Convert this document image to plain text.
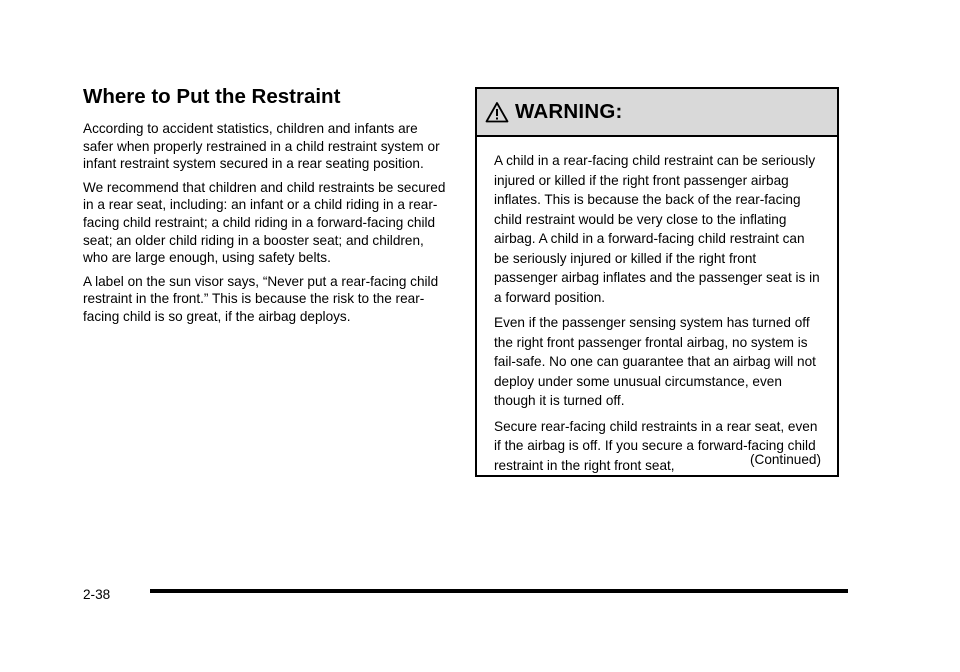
Where to Put the Restraint

According to accident statistics, children and infants are safer when properly restrained in a child restraint system or infant restraint system secured in a rear seating position.

We recommend that children and child restraints be secured in a rear seat, including: an infant or a child riding in a rear-facing child restraint; a child riding in a forward-facing child seat; an older child riding in a booster seat; and children, who are large enough, using safety belts.

A label on the sun visor says, “Never put a rear-facing child restraint in the front.” This is because the risk to the rear-facing child is so great, if the airbag deploys.

WARNING:

A child in a rear-facing child restraint can be seriously injured or killed if the right front passenger airbag inflates. This is because the back of the rear-facing child restraint would be very close to the inflating airbag. A child in a forward-facing child restraint can be seriously injured or killed if the right front passenger airbag inflates and the passenger seat is in a forward position.

Even if the passenger sensing system has turned off the right front passenger frontal airbag, no system is fail-safe. No one can guarantee that an airbag will not deploy under some unusual circumstance, even though it is turned off.

Secure rear-facing child restraints in a rear seat, even if the airbag is off. If you secure a forward-facing child restraint in the right front seat,	(Continued)
2-38
